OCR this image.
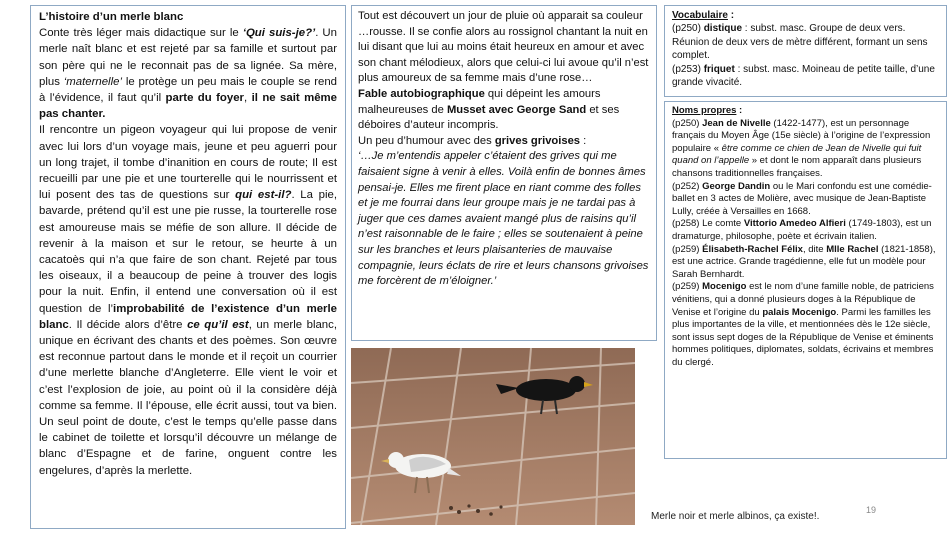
L’histoire d’un merle blanc

Conte très léger mais didactique sur le ‘Qui suis-je?’. Un merle naît blanc et est rejeté par sa famille et surtout par son père qui ne le reconnait pas de sa lignée. Sa mère, plus ‘maternelle’ le protège un peu mais le couple se rend à l’évidence, il faut qu’il parte du foyer, il ne sait même pas chanter.

Il rencontre un pigeon voyageur qui lui propose de venir avec lui lors d’un voyage mais, jeune et peu aguerri pour un long trajet, il tombe d’inanition en cours de route; Il est recueilli par une pie et une tourterelle qui le nourrissent et lui posent des tas de questions sur qui est-il?. La pie, bavarde, prétend qu’il est une pie russe, la tourterelle rose est amoureuse mais se méfie de son allure. Il décide de revenir à la maison et sur le retour, se heurte à un cacatoès qui n’a que faire de son chant. Rejeté par tous les oiseaux, il a beaucoup de peine à trouver des logis pour la nuit. Enfin, il entend une conversation où il est question de l’improbabilité de l’existence d’un merle blanc. Il décide alors d’être ce qu’il est, un merle blanc, unique en écrivant des chants et des poèmes. Son œuvre est reconnue partout dans le monde et il reçoit un courrier d’une merlette blanche d’Angleterre. Elle vient le voir et c’est l’explosion de joie, au point où il la considère déjà comme sa femme. Il l’épouse, elle écrit aussi, tout va bien. Un seul point de doute, c’est le temps qu’elle passe dans le cabinet de toilette et lorsqu’il découvre un mélange de blanc d’Espagne et de farine, onguent contre les engelures, d’après la merlette.

Tout est découvert un jour de pluie où apparait sa couleur …rousse. Il se confie alors au rossignol chantant la nuit en lui disant que lui au moins était heureux en amour et avec son chant mélodieux, alors que celui-ci lui avoue qu’il n’est plus amoureux de sa femme mais d’une rose…

Fable autobiographique qui dépeint les amours malheureuses de Musset avec George Sand et ses déboires d’auteur incompris.

Un peu d’humour avec des grives grivoises :

‘…Je m’entendis appeler c’étaient des grives qui me faisaient signe à venir à elles. Voilà enfin de bonnes âmes pensai-je. Elles me firent place en riant comme des folles et je me fourrai dans leur groupe mais je ne tardai pas à juger que ces dames avaient mangé plus de raisins qu’il n’est raisonnable de le faire ; elles se soutenaient à peine sur les branches et leurs plaisanteries de mauvaise compagnie, leurs éclats de rire et leurs chansons grivoises me forcèrent de m’éloigner.’

Vocabulaire :

(p250) distique : subst. masc. Groupe de deux vers. Réunion de deux vers de mètre différent, formant un sens complet.

(p253) friquet : subst. masc. Moineau de petite taille, d’une grande vivacité.

Noms propres :

(p250) Jean de Nivelle (1422-1477), est un personnage français du Moyen Âge (15e siècle) à l’origine de l’expression populaire « être comme ce chien de Jean de Nivelle qui fuit quand on l’appelle » et dont le nom apparaît dans plusieurs chansons traditionnelles françaises.

(p252) George Dandin ou le Mari confondu est une comédie-ballet en 3 actes de Molière, avec musique de Jean-Baptiste Lully, créée à Versailles en 1668.

(p258) Le comte Vittorio Amedeo Alfieri (1749-1803), est un dramaturge, philosophe, poète et écrivain italien.

(p259) Élisabeth-Rachel Félix, dite Mlle Rachel (1821-1858), est une actrice. Grande tragédienne, elle fut un modèle pour Sarah Bernhardt.

(p259) Mocenigo est le nom d’une famille noble, de patriciens vénitiens, qui a donné plusieurs doges à la République de Venise et l’origine du palais Mocenigo. Parmi les familles les plus importantes de la ville, et mentionnées dès le 12e siècle, sont issus sept doges de la République de Venise et éminents hommes politiques, diplomates, soldats, écrivains et membres du clergé.

Merle noir et merle albinos, ça existe!.
19
